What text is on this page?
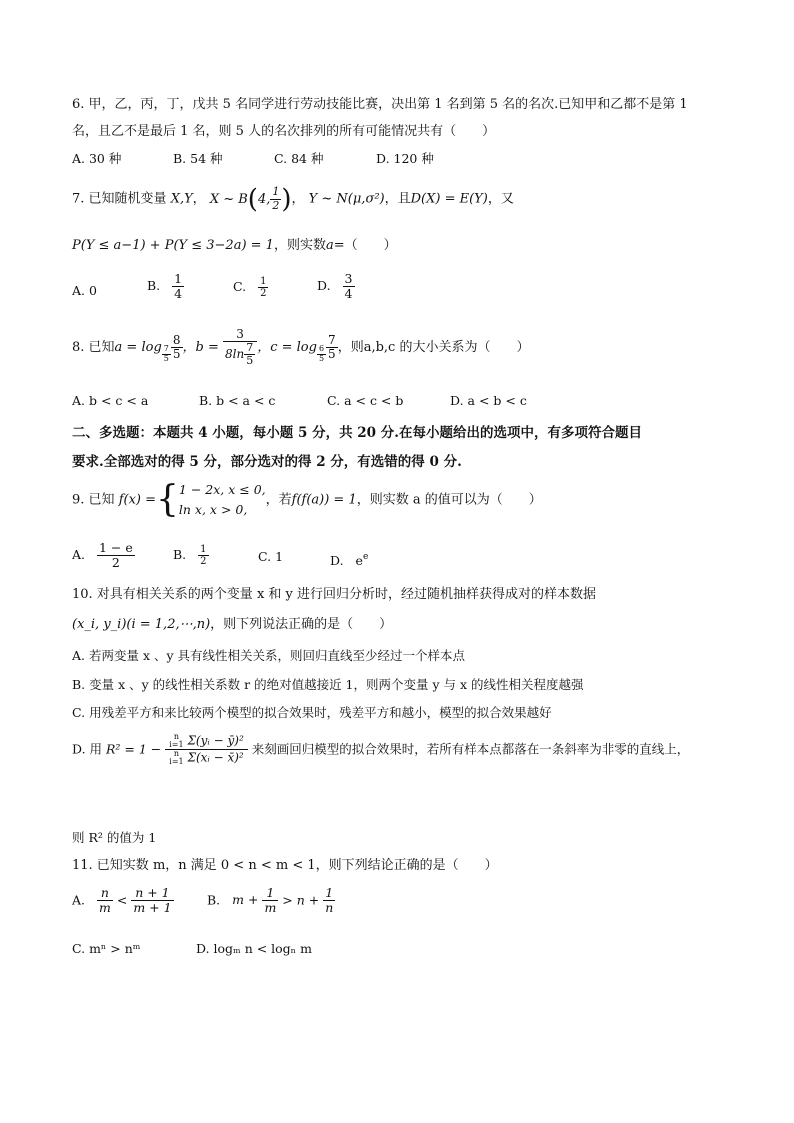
6. 甲，乙，丙，丁，戊共 5 名同学进行劳动技能比赛，决出第 1 名到第 5 名的名次.已知甲和乙都不是第 1
名，且乙不是最后 1 名，则 5 人的名次排列的所有可能情况共有（　　）
A. 30 种	B. 54 种	C. 84 种	D. 120 种
7. 已知随机变量 X,Y， X ~ B(4, $\frac{1}{2}$ )， Y ~ N(μ,σ²)，且D(X) = E(Y)，又
P(Y ≤ a−1) + P(Y ≤ 3−2a) = 1，则实数a=（　　）
A. 0	B. $\frac{1}{4}$	C. $\frac{1}{2}$	D. $\frac{3}{4}$
8. 已知$a = \log \frac{7}{5} \frac{8}{5}$ ，$b = \frac{3}{8\ln \frac{7}{5}}$ ，$c = \log \frac{6}{5} \frac{7}{5}$ ，则a,b,c 的大小关系为（　　）
A. b < c < a	B. b < a < c	C. a < c < b	D. a < b < c
二、多选题：本题共 4 小题，每小题 5 分，共 20 分.在每小题给出的选项中，有多项符合题目
要求.全部选对的得 5 分，部分选对的得 2 分，有选错的得 0 分.
9. 已知 f(x) ={ 1 − 2x, x ≤ 0,
ln x, x > 0,
，若f(f(a)) = 1，则实数 a 的值可以为（　　）
A. $\frac{1 - e}{2}$	B. $\frac{1}{2}$	C. 1	D. $e^e$
10. 对具有相关关系的两个变量 x 和 y 进行回归分析时，经过随机抽样获得成对的样本数据
(x_i, y_i)(i = 1,2,⋯,n)，则下列说法正确的是（　　）
A. 若两变量 x 、y 具有线性相关关系，则回归直线至少经过一个样本点
B. 变量 x 、y 的线性相关系数 r 的绝对值越接近 1，则两个变量 y 与 x 的线性相关程度越强
C. 用残差平方和来比较两个模型的拟合效果时，残差平方和越小，模型的拟合效果越好
D. 用 R² = 1 − n
i=1 Σ(yᵢ − ȳ)²
n
i=1 Σ(xᵢ − x̄)² 来刻画回归模型的拟合效果时，若所有样本点都落在一条斜率为非零的直线上，
则 R² 的值为 1
11. 已知实数 m，n 满足 0 < n < m < 1，则下列结论正确的是（　　）
A. $\frac{n}{m} < \frac{n + 1}{m + 1}$	B. $m + \frac{1}{m} > n + \frac{1}{n}$
C. mⁿ > nᵐ	D. logₘ n < logₙ m
